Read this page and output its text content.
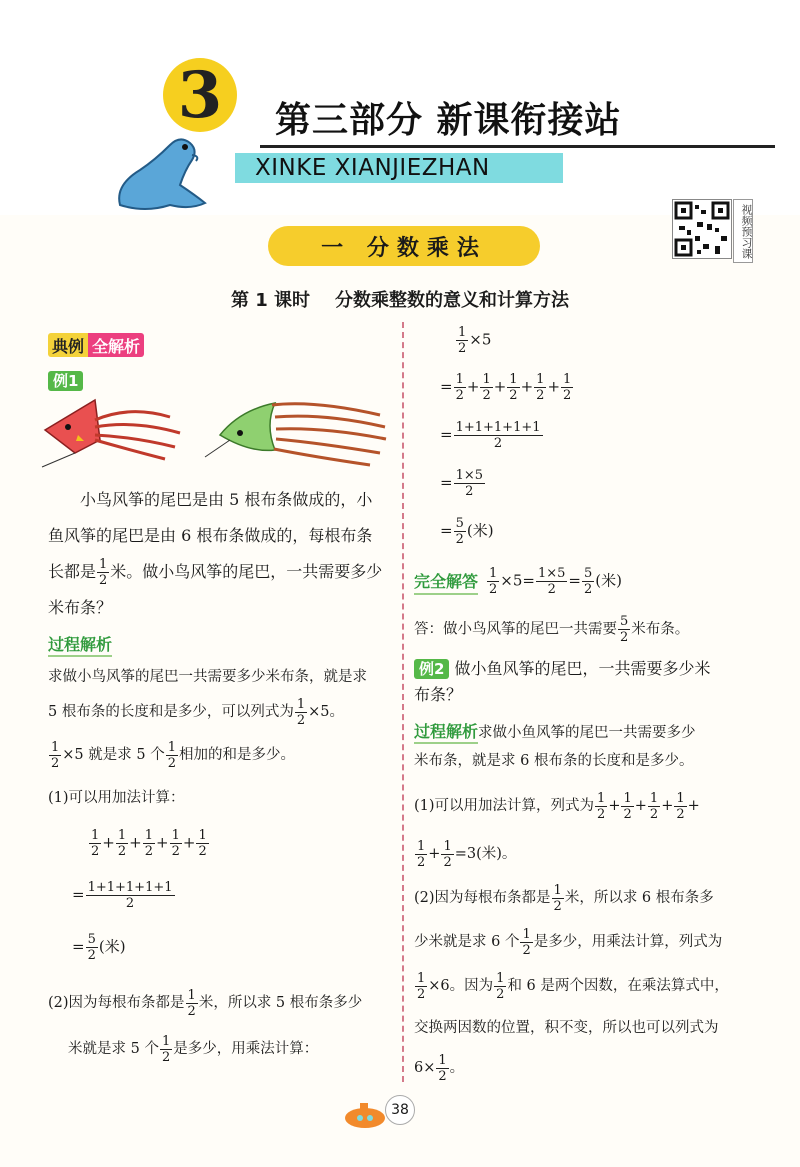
3	第三部分 新课衔接站
XINKE XIANJIEZHAN
视频预习课
一 分数乘法
第 1 课时    分数乘整数的意义和计算方法
典例 全解析
例1
小鸟风筝的尾巴是由 5 根布条做成的，小
鱼风筝的尾巴是由 6 根布条做成的，每根布条
长都是 $\frac{1}{2}$ 米。做小鸟风筝的尾巴，一共需要多少
米布条？
过程解析
求做小鸟风筝的尾巴一共需要多少米布条，就是求
5 根布条的长度和是多少，可以列式为 $\frac{1}{2} \times 5$。
$\frac{1}{2} \times 5$ 就是求 5 个 $\frac{1}{2}$ 相加的和是多少。
(1)可以用加法计算：
$\frac{1}{2} + \frac{1}{2} + \frac{1}{2} + \frac{1}{2} + \frac{1}{2}$
= $\frac{1+1+1+1+1}{2}$
= $\frac{5}{2}$ (米)
(2)因为每根布条都是 $\frac{1}{2}$ 米，所以求 5 根布条多少
米就是求 5 个 $\frac{1}{2}$ 是多少，用乘法计算：
$\frac{1}{2} \times 5$
= $\frac{1}{2} + \frac{1}{2} + \frac{1}{2} + \frac{1}{2} + \frac{1}{2}$
= $\frac{1+1+1+1+1}{2}$
= $\frac{1\times 5}{2}$
= $\frac{5}{2}$ (米)
完全解答 $\frac{1}{2} \times 5= \frac{1\times 5}{2} = \frac{5}{2}$ (米)
答：做小鸟风筝的尾巴一共需要 $\frac{5}{2}$ 米布条。
例2 做小鱼风筝的尾巴，一共需要多少米
布条？
过程解析求做小鱼风筝的尾巴一共需要多少
米布条，就是求 6 根布条的长度和是多少。
(1)可以用加法计算，列式为 $\frac{1}{2} + \frac{1}{2} + \frac{1}{2} + \frac{1}{2}$ +
$\frac{1}{2} + \frac{1}{2} =3$(米)。
(2)因为每根布条都是 $\frac{1}{2}$ 米，所以求 6 根布条多
少米就是求 6 个 $\frac{1}{2}$ 是多少，用乘法计算，列式为
$\frac{1}{2} \times 6$。因为 $\frac{1}{2}$ 和 6 是两个因数，在乘法算式中，
交换两因数的位置，积不变，所以也可以列式为
$6\times \frac{1}{2}$ 。
38
